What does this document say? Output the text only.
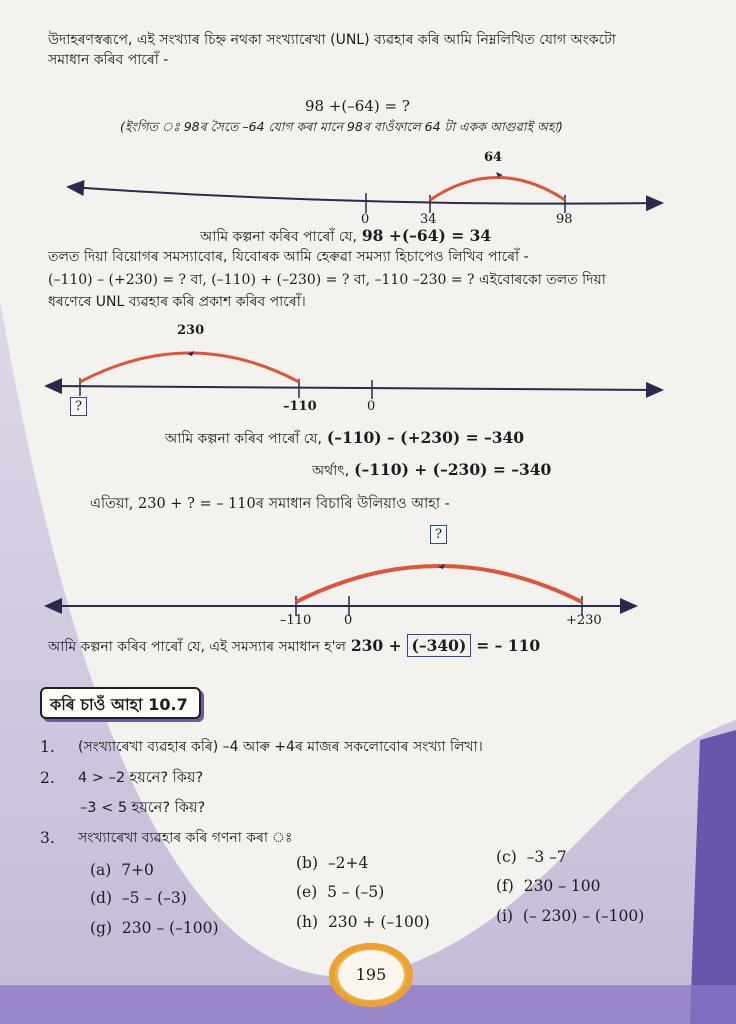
উদাহৰণস্বৰূপে, এই সংখ্যাৰ চিহ্ন নথকা সংখ্যাৰেখা (UNL) ব্যৱহাৰ কৰি আমি নিম্নলিখিত যোগ অংকটো
সমাধান কৰিব পাৰোঁ -
98 +(–64) = ?
(ইংগিত ঃ 98ৰ সৈতে –64 যোগ কৰা মানে 98ৰ বাওঁফালে 64 টা একক আগুৱাই অহা)
64
0	34	98
আমি কল্পনা কৰিব পাৰোঁ যে, 98 +(–64) = 34
তলত দিয়া বিয়োগৰ সমস্যাবোৰ, যিবোৰক আমি হেৰুৱা সমস্যা হিচাপেও লিখিব পাৰোঁ -
(–110) – (+230) = ? বা, (–110) + (–230) = ? বা, –110 –230 = ? এইবোৰকো তলত দিয়া
ধৰণেৰে UNL ব্যৱহাৰ কৰি প্ৰকাশ কৰিব পাৰোঁ।
230
–110	0
?
আমি কল্পনা কৰিব পাৰোঁ যে, (–110) – (+230) = –340
অৰ্থাৎ, (–110) + (–230) = –340
এতিয়া, 230 + ? = – 110ৰ সমাধান বিচাৰি উলিয়াও আহা -
–110	0	+230
?
আমি কল্পনা কৰিব পাৰোঁ যে, এই সমস্যাৰ সমাধান হ'ল 230 + (–340) = – 110
কৰি চাওঁ আহা 10.7
1. (সংখ্যাৰেখা ব্যৱহাৰ কৰি) –4 আৰু +4ৰ মাজৰ সকলোবোৰ সংখ্যা লিখা।
2. 4 > –2 হয়নে? কিয়?
–3 < 5 হয়নে? কিয়?
3. সংখ্যাৰেখা ব্যৱহাৰ কৰি গণনা কৰা ঃ
(a) 7+0	(b) –2+4	(c) –3 –7
(d) –5 – (–3)	(e) 5 – (–5)	(f) 230 – 100
(g) 230 – (–100)	(h) 230 + (–100)	(i) (– 230) – (–100)
195
